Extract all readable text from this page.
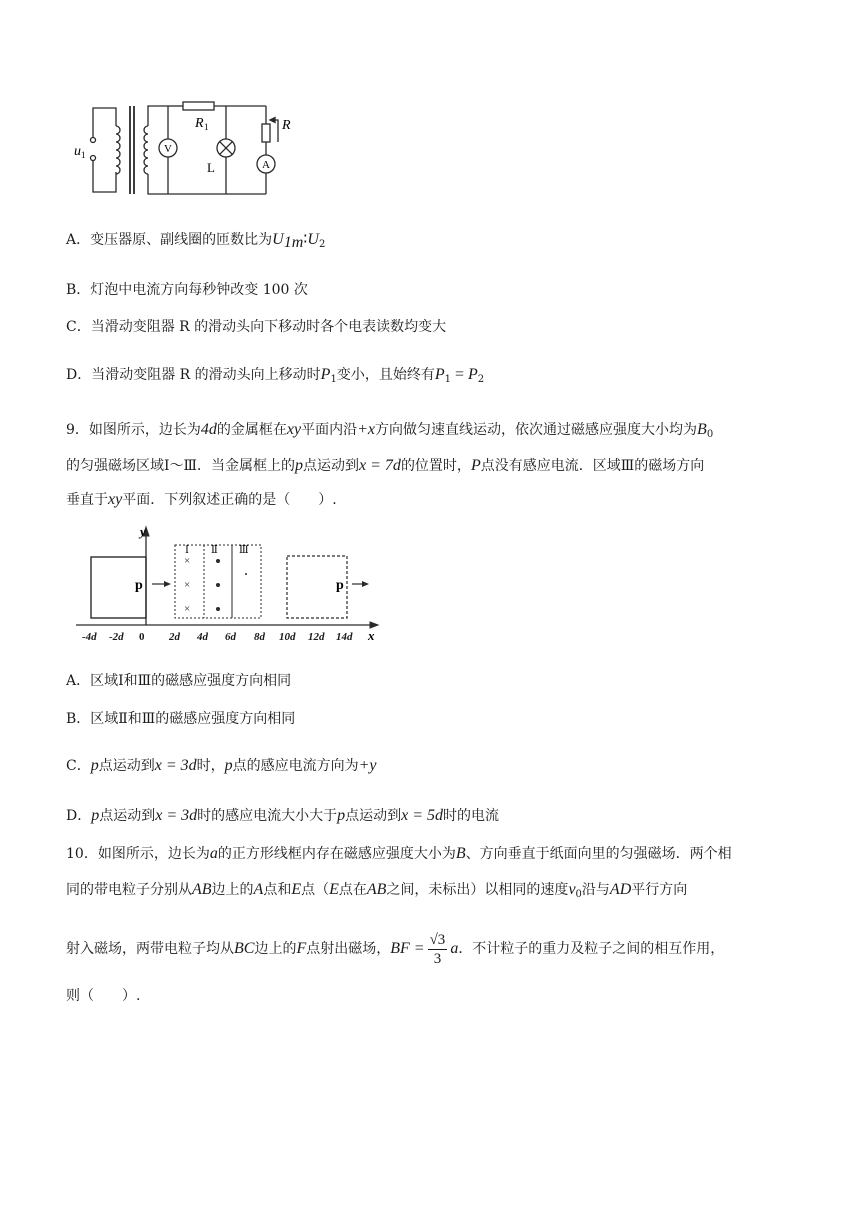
u 1
R 1	R
L
V
A
A．变压器原、副线圈的匝数比为$U_{1m}∶U_2$
B．灯泡中电流方向每秒钟改变 100 次
C．当滑动变阻器 R 的滑动头向下移动时各个电表读数均变大
D．当滑动变阻器 R 的滑动头向上移动时$P_1$变小，且始终有$P_1 = P_2$
9．如图所示，边长为4d的金属框在xy平面内沿+x方向做匀速直线运动，依次通过磁感应强度大小均为$B_0$
的匀强磁场区域Ⅰ～Ⅲ．当金属框上的p点运动到x = 7d的位置时，P点没有感应电流．区域Ⅲ的磁场方向
垂直于xy平面．下列叙述正确的是（　　）.
×
×
×
y
x
Ⅰ Ⅱ Ⅲ
p	p
-4d -2d 0 2d 4d 6d 8d 10d 12d 14d
A．区域Ⅰ和Ⅲ的磁感应强度方向相同
B．区域Ⅱ和Ⅲ的磁感应强度方向相同
C．p点运动到x = 3d时，p点的感应电流方向为+y
D．p点运动到x = 3d时的感应电流大小大于p点运动到x = 5d时的电流
10．如图所示，边长为a的正方形线框内存在磁感应强度大小为B、方向垂直于纸面向里的匀强磁场．两个相
同的带电粒子分别从AB边上的A点和E点（E点在AB之间，未标出）以相同的速度$v_0$沿与AD平行方向
射入磁场，两带电粒子均从BC边上的F点射出磁场，BF = $\frac{√3}{3}$ a．不计粒子的重力及粒子之间的相互作用，
则（　　）.
